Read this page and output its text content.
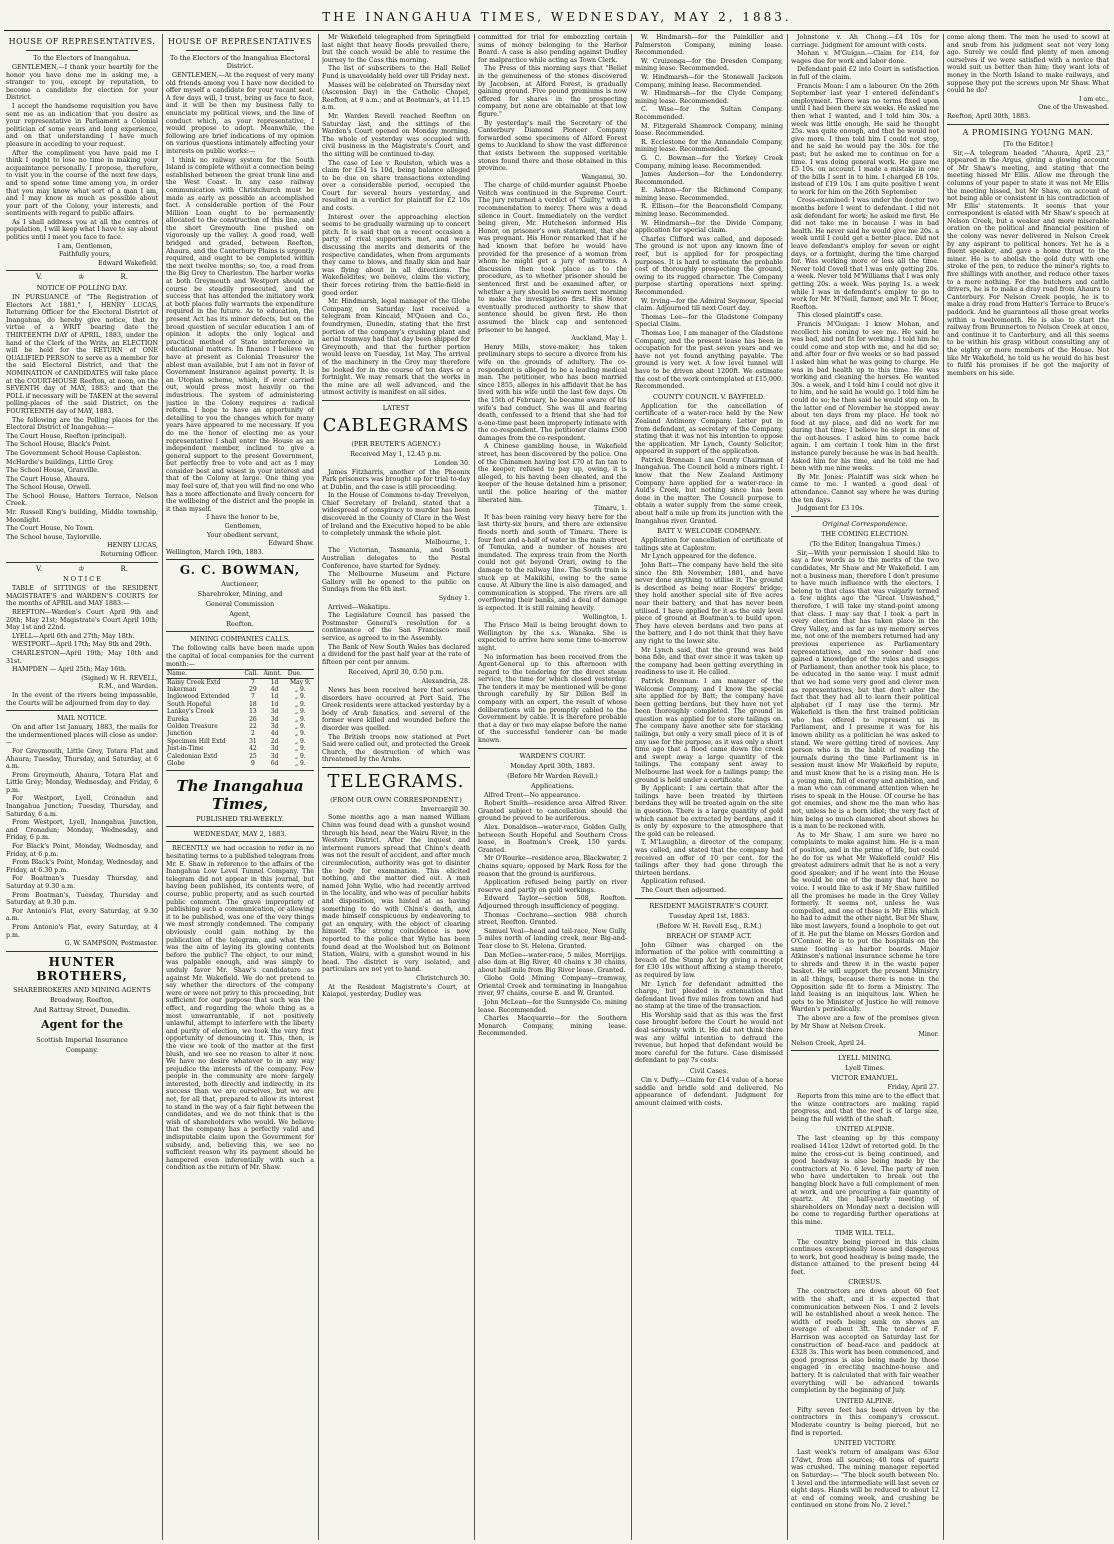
THE INANGAHUA TIMES, WEDNESDAY, MAY 2, 1883.
HOUSE OF REPRESENTATIVES.
To the Electors of Inangahua.

GENTLEMEN,—I thank your heartily for the honor you have done me in asking me, a stranger to you, except by reputation, to become a candidate for election for your District.

I accept the handsome requisition you have sent me as an indication that you desire as your representative in Parliament a Colonial politician of some years and long experience, and on that understanding I have much pleasure in acceding to your request.

After the compliment you have paid me I think I ought to lose no time in making your acquaintance personally. I propose, therefore, to visit you in the course of the next few days, and to spend some time among you, in order that you may know what sort of a man I am, and I may know as much as possible about your part of the Colony, your interests, and sentiments with regard to public affairs.

As I shall address you at all the centres of population, I will keep what I have to say about politics until I meet you face to face.

I am, Gentlemen,

Faithfully yours,

Edward Wakefield.

V.	♔	R.
NOTICE OF POLLING DAY.

IN PURSUANCE of "The Registration of Electors Act 1881," I, HENRY LUCAS, Returning Officer for the Electoral District of Inangahua, do hereby give notice, that by virtue of a WRIT bearing date the THIRTEENTH DAY of APRIL, 1883, under the hand of the Clerk of the Writs, an ELECTION will be held for the RETURN of ONE QUALIFIED PERSON to serve as a member for the said Electoral District, and that the NOMINATION of CANDIDATES will take place at the COURT-HOUSE Reefton, at noon, on the SEVENTH day of MAY, 1883; and that the POLL if necessary will be TAKEN at the several polling-places of the said District, on the FOURTEENTH day of MAY, 1883.

The following are the Polling places for the Electoral District of Inangahua:—

The Court House, Reefton (principal).

The School House, Black's Point.

The Government School House Capleston.

McHardie's buildings, Little Grey.

The School House, Granville.

The Court House, Ahaura.

The School House, Orwell.

The School House, Hatters Terrace, Nelson Creek.

Mr. Russell King's building, Middle township, Moonlight.

The Court House, No Town.

The School house, Taylorville.

HENRY LUCAS,

Returning Officer.

V.	♔	R.
N O T I C E

TABLE of SITTINGS of the RESIDENT MAGISTRATE'S and WARDEN'S COURTS for the months of APRIL and MAY 1883:—

REEFTON—Warden's Court April 9th and 20th; May 21st; Magistrate's Court April 10th; May 1st and 22nd.

LYELL—April 6th and 27th; May 18th.

WESTPORT—April 17th; May 8th and 29th.

CHARLESTON—April 19th; May 10th and 31st.

HAMPDEN — April 25th; May 16th.

(Signed) W. H. REVELL,

R.M., and Warden.

In the event of the rivers being impassable, the Courts will be adjourned from day to day.

MAIL NOTICE.

On and after 1st January, 1883, the mails for the undermentioned places will close as under:—

For Greymouth, Little Grey, Totara Flat and Ahaura; Tuesday, Thursday, and Saturday, at 6 a.m.

From Greymouth, Ahaura, Totara Flat and Little Grey; Monday, Wednesday, and Friday, 6 p.m.

For Westport, Lyell, Cronadun and Inangahua Junction; Tuesday, Thursday, and Saturday, 6 a.m.

From Westport, Lyell, Inangahua Junction, and Cronadun; Monday, Wednesday, and Friday, 6 p.m.

For Black's Point, Monday, Wednesday, and Friday, at 6 p.m.

From Black's Point, Monday, Wednesday, and Friday, at 6.30 p.m.

For Boatman's Tuesday Thursday, and Saturday at 9.30 a.m.

From Boatman's, Tuesday, Thursday and Saturday, at 9.30 p.m.

For Antonio's Flat, every Saturday, at 9.30 a.m.

From Antonio's Flat, every Saturday, at 4 p.m.

G. W. SAMPSON, Postmaster.

HUNTER BROTHERS,
SHAREBROKERS AND MINING AGENTS
Broadway, Reefton,
And Rattray Street, Dunedin.
Agent for the
Scottish Imperial Insurance
Company.
HOUSE OF REPRESENTATIVES
To the Electors of the Inangahua Electoral District.

GENTLEMEN,—At the request of very many old friends among you I have now decided to offer myself a candidate for your vacant seat. A few days will, I trust, bring us face to face, and it will be then my business fully to enunciate my political views, and the line of conduct which, as your representative, I would propose to adopt. Meanwhile, the following are brief indications of my opinion on various questions intimately affecting your interests on public works:—

I think no railway system for the South Island is complete without a connection being established between the great trunk line and the West Coast. In any case railway communication with Christchurch must be made as early as possible an accomplished fact. A considerable portion of the Four Million Loan ought to be permanently allocated to the construction of this line, and the short Greymouth line pushed on vigorously up the valley. A good road, well bridged and graded, between Reefton, Ahaura, and the Canterbury Plains is urgently required, and ought to be completed within the next twelve months; so, too, a road from the Big Grey to Charleston. The harbor works at both Greymouth and Westport should of course be steadily prosecuted, and the success that has attended the initiatory work at both places fully warrants the expenditure required in the future. As to education, the present Act has its minor defects, but on the broad question of secular education I am of opinion it adopts the only logical and practical method of State interference in educational matters. In finance I believe we have at present as Colonial Treasurer the ablest man available, but I am not in favor of Government Insurance against poverty. It is an Utopian scheme, which, if ever carried out, would press most heavily on the industrious. The system of administering justice in the Colony requires a radical reform. I hope to have an opportunity of detailing to you the changes which for many years have appeared to me necessary. If you do me the honor of electing me as your representative I shall enter the House as an independent member, inclined to give a general support to the present Government, but perfectly free to vote and act as I may consider best and wisest in your interest and that of the Colony at large. One thing you may feel sure of, that you will find no one who has a more affectionate and lively concern for the wellbeing of the district and the people in it than myself.

I have the honor to be,

Gentlemen,

Your obedient servant,

Edward Shaw.

Wellington, March 19th, 1883.

G. C. BOWMAN,
Auctioneer,
Sharebroker, Mining, and
General Commission
Agent,
Reefton.
MINING COMPANIES CALLS.

The following calls have been made upon the capital of local companies for the current month:—

Name.	Call.	Amnt.	Due.
Rainy Creek Extd	7	1d	May 9.
Inkerman	29	4d	„ 9.
Inglewood Extended	7	1d	„ 9.
South Hopeful	18	1d	„ 9.
Lankey's Creek	13	3d	„ 9.
Eureka	26	3d	„ 9.
Golden Treasure	22	3d	„ 9.
Junction	2	4d	„ 9.
Specimen Hill Extd	31	2d	„ 9.
Just-in-Time	42	3d	„ 9.
Caledonian Extd	25	3d	„ 9.
Globe	9	6d	„ 9.
The Inangahua Times,
PUBLISHED TRI-WEEKLY.
WEDNESDAY, MAY 2, 1883.

RECENTLY we had occasion to refer in no hesitating terms to a published telegram from Mr. E. Shaw in reference to the affairs of the Inangahua Low Level Tunnel Company. The telegram did not appear in this journal, but having been published, its contents were, of course, public property, and as such courted public comment. The grave impropriety of publishing such a communication, or allowing it to be published, was one of the very things we most strongly condemned. The company obviously could gain nothing by the publication of the telegram, and what then was the aim of laying its glowing contents before the public? The object, to our mind, was palpable enough, and was simply to unduly favor Mr. Shaw's candidature as against Mr. Wakefield. We do not pretend to say whether the directors of the company were or were not privy to this proceeding, but sufficient for our purpose that such was the effect, and regarding the whole thing as a most unwarrantable, if not positively unlawful, attempt to interfere with the liberty and purity of election, we took the very first opportunity of denouncing it. This, then, is the view we took of the matter at the first blush, and we see no reason to alter it now. We have no desire whatever to in any way prejudice the interests of the company. Few people in the community are more largely interested, both directly and indirectly, in its success than we are ourselves, but we are not, for all that, prepared to allow its interest to stand in the way of a fair fight between the candidates, and we do not think that is the wish of shareholders who would. We believe that the company has a perfectly valid and indisputable claim upon the Government for subsidy, and, believing this, we see no sufficient reason why its payment should be hampered even inferentially with such a condition as the return of Mr. Shaw.

Mr Wakefield telegraphed from Springfield last night that heavy floods prevailed there, but the coach would be able to resume the journey to the Cass this morning.

The list of subscribers to the Hall Relief Fund is unavoidably held over till Friday next.

Masses will be celebrated on Thursday next (Ascension Day) in the Catholic Chapel, Reefton, at 9 a.m.; and at Boatman's, at 11.15 a.m.

Mr. Warden Revell reached Reefton on Saturday last, and the sittings of the Warden's Court opened on Monday morning. The whole of yesterday was occupied with civil business in the Magistrate's Court, and the sitting will be continued to-day.

The case of Lee v. Roulston, which was a claim for £34 1s 10d, being balance alleged to be due on share transactions extending over a considerable period, occupied the Court for several hours yesterday, and resulted in a verdict for plaintiff for £2 10s and costs.

Interest over the approaching election seems to be gradually warming up to concert pitch. It is said that on a recent occasion a party of rival supporters met, and were discussing the merits and demerits of the respective candidates, when from arguments they came to blows, and finally skin and hair was flying about in all directions. The Wakefieldites, we believe, claim the victory, their forces retiring from the battle-field in good order.

Mr. Hindmarsh, legal manager of the Globe Company, on Saturday last received a telegram from Kincaid, M'Queen and Co., foundrymen, Dunedin, stating that the first portion of the company's crushing plant and aerial tramway had that day been shipped for Greymouth, and that the further portion would leave on Tuesday, 1st May. The arrival of the machinery in the Grey may therefore be looked for in the course of ten days or a fortnight. We may remark that the works in the mine are all well advanced, and the utmost activity is manifest on all sides.

LATEST
CABLEGRAMS
(PER REUTER'S AGENCY.)
Received May 1, 12.45 p.m.

London 30.

James Fitzharris, another of the Pheonix Park prisoners was brought up for trial to-day at Dublin, and the case is still proceeding.

In the House of Commons to-day Trevelyon, Chief Secretary of Ireland, stated that a widespread of conspiracy to murder has been discovered in the County of Clare in the West of Ireland and the Executive hoped to be able to completely unmask the whole plot.

Melbourne, 1.

The Victorian, Tasmania, and South Australian delegates to the Postal Conference, have started for Sydney.

The Melbourne Museum and Picture Gallery will be opened to the public on Sundays from the 6th inst.

Sydney 1.

Arrived—Wakatipu.

The Legislature Council has passed the Postmaster General's resolution for a continuance of the San Francisco mail service, as agreed to in the Assembly.

The Bank of New South Wales has declared a dividend for the past half year at the rate of fifteen per cent per annum.

Received, April 30, 0.50 p.m.

Alexandria, 28.

News has been received here that serious disorders have occurred at Port Said. The Greek residents were attacked yesterday by a body of Arab fanatics, and several of the former were killed and wounded before the disorder was quelled.

The British troops now stationed at Port Said were called out, and protected the Greek Church, the destruction of which was threatened by the Arabs.

TELEGRAMS.
(FROM OUR OWN CORRESPONDENT.)

Invercargill 30.

Some months ago a man named William Chinn was found dead with a gunshot wound through his head, near the Wairu River, in the Western District. After the inquest and interment rumors spread that Chinn's death was not the result of accident, and after much circumlocution, authority was got to disinter the body for examination. This elicited nothing, and the matter died out. A man named John Wylie, who had recently arrived in the locality, and who was of peculiar habits and disposition, was hinted at as having something to do with Chinn's death, and made himself conspicuous by endeavoring to get an enquiry, with the object of clearing himself. The strong coincidence is now reported to the police that Wylie has been found dead at the Woolshed hut on Belmont Station, Wairu, with a gunshot wound in his head. The district is very isolated, and particulars are not yet to hand.

Christchurch 30.

At the Resident Magistrate's Court, at Kaiapoi, yesterday, Dudley was

committed for trial for embezzling certain sums of money belonging to the Harbor Board. A case is also pending against Dudley for malpractice while acting as Town Clerk.

The Press of this morning says that "Belief in the genuineness of the stones discovered by Jacobsen, at Alford Forest, is gradually gaining ground. Five pound premiums is now offered for shares in the prospecting company, but none are obtainable at that low figure."

By yesterday's mail the Secretary of the Canterbury Diamond Pioneer Company forwarded some specimens of Alford Forest gems to Auckland to show the vast difference that exists between the supposed veritable stones found there and those obtained in this province.

Wanganui, 30.

The charge of child-murder against Phoebe Veitch was continued in the Supreme Court. The jury returned a verdict of "Guilty," with a recommendation to mercy. There was a dead silence in Court. Immediately on the verdict being given, Mr. Hutcheson informed His Honor, on prisoner's own statement, that she was pregnant. His Honor remarked that if he had known that before he would have provided for the presence of a woman from whom he might get a jury of matrons. A discussion then took place as to the procedure, as to whether prisoner should be sentenced first and be examined after, or whether a jury should be sworn next morning to make the investigation first. His Honor eventually produced authority to show that sentence should be given first. He then assumed the black cap and sentenced prisoner to be hanged.

Auckland, May 1.

Henry Mills, stove-maker, has taken preliminary steps to secure a divorce from his wife on the grounds of adultery. The co-respondent is alleged to be a leading medical man. The petitioner, who has been married since 1855, alleges in his affidavit that he has lived with his wife until the last few days. On the 15th of February, he became aware of his wife's bad conduct. She was ill and fearing death, confessed to a friend that she had for a-one-time past been improperly intimate with the co-respondent. The petitioner claims £500 damages from the co-respondent.

A Chinese gambling house, in Wakefield street, has been discovered by the police. One of the Chinamen having lost £70 at fan tan to the keeper, refused to pay up, owing, it is alleged, to his having been cheated, and the keeper of the house detained him a prisoner, until the police hearing of the matter liberated him.

Timaru, 1.

It has been raining very heavy here for the last thirty-six hours, and there are extensive floods north and south of Timaru. There is four feet and a-half of water in the main street of Temuka, and a number of houses are inundated. The express train from the North could not get beyond Orari, owing to the damage to the railway line. The South train is stuck up at Makikihi, owing to the same cause. At Albury the line is also damaged, and communication is stopped. The rivers are all overflowing their banks, and a deal of damage is expected. It is still raining heavily.

Wellington, 1.

The Frisco Mail is being brought down to Wellington by the s.s. Wanaka. She is expected to arrive here some time to-morrow night.

No information has been received from the Agent-General up to this afternoon with regard to the tendering for the direct steam service, the time for which closed yesterday. The tenders it may be mentioned will be gone through carefully by Sir Dillon Bell in company with an expert, the result of whose deliberations will be promptly cabled to the Government by cable. It is therefore probable that a day or two may elapse before the name of the successful tenderer can be made known.

WARDEN'S COURT.
Monday April 30th, 1883.
(Before Mr Warden Revell.)
Applications.

Alfred Trent—No appearance.

Robert Smith—residence area Alfred River. Granted subject to cancellation should the ground be proved to be auriferous.

Alex. Donaldson—water-race, Golden Gully, between South Hopeful and Southern Cross lease, in Boatman's Creek, 150 yards. Granted.

Mr O'Rourke—residence area, Blackwater, 2 chains square, opposed by Mark Ross for the reason that the ground is auriferous.

Application refused being partly on river reserve and partly on gold workings.

Edward Taylor—section 508, Reefton. Adjourned through insufficiency of pegging.

Thomas Cochrane—section 988 church street, Reefton. Granted.

Samuel Veal—head and tail-race, New Gully, 5 miles north of landing creek, near Big-and-Tear close to St. Helena. Granted.

Dan McGee—water-race, 5 miles, Merrijigs. also dam at Big River, 40 chains x 30 chains, about half-mile from Big River lease. Granted.

Globe Gold Mining Company—tramway, Oriental Creek and terminating in Inangahua river, 97 chains, course E. and W. Granted.

John McLean—for the Sunnyside Co. mining lease. Recommended.

Charles Macquarrie—for the Southern Monarch Company, mining lease. Recommended.

W. Hindmarsh—for the Painkiller and Palmerston Company, mining lease. Recommended.

W. Cruizenga—for the Dresden Company, mining lease. Recommended.

W. Hindmarsh—for the Stonewall Jackson Company, mining lease. Recommended.

W. Hindmarsh—for the Clyde Company, mining lease. Recommended.

C. Wise—for the Sultan Company. Recommended.

M. Fitzgerald Shamrock Company, mining lease. Recommended.

R. Ecclestone for the Annandale Company, mining lease. Recommended.

G. C. Bowman—for the Yorkey Creek Company, mining lease. Recommended.

James Anderson—for the Londonderry. Recommended.

E. Ashton—for the Richmond Company, mining lease. Recommended.

R. Ellison—for the Beaconsfield Company, mining lease. Recommended.

W. Hindmarsh—for the Divide Company, application for special claim.

Charles Clifford was called, and deposed: The ground is not upon any known line of reef, but is applied for for prospecting purposes. It is hard to estimate the probable cost of thoroughly prospecting the ground, owing to its rugged character. The Company purpose starting operations next spring. Recommended.

W. Irving—for the Admiral Seymour, Special claim. Adjourned till next Court day.

Thomas Lee—for the Gladstone Company Special Claim.

Thomas Lee, I am manager of the Gladstone Company, and the present lease has been in occupation for the past seven years and we have not yet found anything payable. The ground is very wet. A low level tunnel will have to be driven about 1200ft. We estimate the cost of the work contemplated at £15,000. Recommended.

COUNTY COUNCIL V. BAYFIELD.

Application for the cancellation of certificate of a water-race held by the New Zealand Antimony Company. Letter put in from defendant, as secretary of the Company, stating that it was not his intention to oppose the application. Mr Lynch, County Solicitor, appeared in support of the application.

Patrick Brennan: I am County Chairman of Inangahua. The Council hold a miners right. I know that the New Zealand Antimony Company have applied for a water-race in Auld's Creek, but nothing since has been done in the matter. The Council purpose to obtain a water supply from the same creek, about half a mile up from its junction with the Inangahua river. Granted.

BATT V. WELCOME COMPANY.

Application for cancellation of certificate of tailings site at Capleston.

Mr Lynch appeared for the defence.

John Batt—The company have held the site since the 8th November, 1881, and have never done anything to utilise it. The ground is described as being near Rogers' bridge; they hold another special site of five acres near their battery, and that has never been utilised. I have applied for it as the only level piece of ground at Boatman's to build upon. They have eleven berdans and two pans at the battery, and I do not think that they have any right to the lower site.

Mr Lynch said, that the ground was held bona fide, and that ever since it was taken up the company had been getting everything in readiness to use it. He called.

Patrick Brennan: I am manager of the Welcome Company, and I know the special site applied for by Batt; the company have been getting berdans, but they have not yet been thoroughly completed. The ground in question was applied for to store tailings on. The company have another site for stacking tailings, but only a very small piece of it is of any use for the purpose, as it was only a short time ago that a flood came down the creek and swept away a large quantity of the tailings. The company sent away to Melbourne last week for a tailings pump; the ground is held under a certificate.

By Applicant: I am certain that after the tailings have been treated by thirteen berdans they will be treated again on the site in question. There is a large quantity of gold which cannot be extracted by berdans, and it is only by exposure to the atmosphere that the gold can be released.

T. M'Laughlin, a director of the company, was called, and stated that the company had received an offer of 10 per cent. for the tailings after they had gone through the thirteen berdans.

Application refused.

The Court then adjourned.

RESIDENT MAGISTRATE'S COURT.
Tuesday April 1st, 1883.
(Before W. H. Revell Esq., R.M.)
BREACH OF STAMP ACT.

John Gilmer was charged on the information of the police with committing a breach of the Stamp Act by giving a receipt for £30 10s without affixing a stamp thereto, as required by law.

Mr Lynch for defendant admitted the charge, but pleaded in extenuation that defendant lived five miles from town and had no stamp at the time of the transaction.

His Worship said that as this was the first case brought before the Court he would not deal seriously with it. He did not think there was any wilful intention to defraud the revenue, but hoped that defendant would be more careful for the future. Case dismissed defendant to pay 7s costs.

Civil Cases.

Cin v. Duffy.—Claim for £14 value of a horse saddle and bridle sold and delivered. No appearance of defendant. Judgment for amount claimed with costs.

Johnstone v. Ah Chong.—£4 10s for carriage. Judgment for amount with costs.

Mohan v. M'Guigan.—Claim for £14, for wages due for work and labor done.

Defendant paid £2 into Court in satisfaction in full of the claim.

Francis Moan: I am a labourer. On the 26th September last year I entered defendant's employment. There was no terms fixed upon until I had been there six weeks. He asked me then what I wanted, and I told him 30s. a week was little enough. He said he thought 25s. was quite enough, and that he would not give more. I then told him I could not stop, and he said he would pay the 30s. for the past; but he asked me to continue on for a time. I was doing general work. He gave me £5 10s. on account. I made a mistake in one of the bills I sent in to him. I charged £8 10s. instead of £19 10s. I am quite positive I went to work for him on the 26th September.

Cross-examined: I was under the doctor two months before I went to defendant. I did not ask defendant for work; he asked me first. He did not take me in because I was in bad health. He never said he would give me 20s. a week until I could get a better place. Did not leave defendant's employ for seven or eight days, or a fortnight, during the time charged for. Was working more or less all the time. Never told Covell that I was only getting 20s. a week. Never told M'Williams that I was only getting 20s. a week. Was paying 1s. a week while I was in defendant's employ to go to work for Mr. M'Neill, farmer, and Mr. T. Moor, Reefton.

This closed plaintiff's case.

Francis M'Guigan: I know Mohan, and recollect his coming to see me. He said he was bad, and not fit for working. I told him he could come and stop with me, and he did so; and after four or five weeks or so had passed I asked him what he was going to charge. He was in bad health up to this time. He was working and cleaning the horses. He wanted 30s. a week, and I told him I could not give it to him, and he said he would go. I told him he could do so; he then said he would stop on. In the latter end of November he stopped away about ten days from my place. He took no food at my place, and did no work for me during that time; I believe he slept in one of the out-houses. I asked him to come back again. I am certain I took him in the first instance purely because he was in bad health. Asked him for his time, and he told me had been with me nine weeks.

By Mr. Jones: Plaintiff was sick when he came to me. I wanted a good deal of attendance. Cannot say where he was during the ten days.

Judgment for £3 10s.

Original Correspondence.
THE COMING ELECTION.
(To the Editor, Inangahua Times.)

Sir,—With your permission I should like to say a few words as to the merits of the two candidates, Mr Shaw and Mr Wakefield. I am not a business man, therefore I don't presume to have much influence with the electors. I belong to that class that was vulgarly termed a few nights ago the "Great Unwashed," therefore, I will take my stand-point among that class. I may say that I took a part in every election that has taken place in the Grey Valley, and as far as my memory serves me, not one of the members returned had any previous experience as Parliamentary representatives, and no sooner had one gained a knowledge of the rules and usages of Parliament, than another took his place, to be educated in the same way. I must admit that we had some very good and clever men as representatives, but that don't alter the fact that they had all to learn their political alphabet (if I may use the term). Mr Wakefield is then the first trained politician who has offered to represent us in Parliament, and I presume it was for his known ability as a politician he was asked to stand. We were getting tired of novices. Any person who is in the habit of reading the journals during the time Parliament is in session must know Mr Wakefield by repute, and must know that he is a rising man. He is a young man, full of energy and ambition, and a man who can command attention when he rises to speak in the House. Of course he has got enemies, and show me the man who has not, unless he is a born idiot; the very fact of him being so much clamored about shows he is a man to be reckoned with.

As to Mr Shaw, I am sure we have no complaints to make against him. He is a man of position, and in the prime of life, but could he do for us what Mr Wakefield could? His greatest admirers admit that he is not a very good speaker; and if he went into the House he would be one of the many that have no voice. I would like to ask if Mr Shaw fulfilled all the promises he made in the Grey Valley formerly. It seems not, unless he was compelled, and one of these is Mr Ellis which he had to admit the other night. But Mr Shaw, like most lawyers, found a loophole to get out of it. He put the blame on Messrs Gordon and O'Connor. He is to put the hospitals on the same footing as harbor boards. Major Atkinson's national insurance scheme he tore to shreds and threw it in the waste paper basket. He will support the present Ministry in all things, because there is none in the Opposition side fit to form a Ministry. The land leasing is an iniquitous law. When he gets to be Minister of Justice he will remove Warden's periodically.

The above are a few of the promises given by Mr Shaw at Nelson Creek.

Miner.

Nelson Creek, April 24.

LYELL MINING.
Lyell Times.
VICTOR EMANUEL.

Friday, April 27.

Reports from this mine are to the effect that the winze contractors are making rapid progress, and that the reef is of large size, being the full width of the shaft.

UNITED ALPINE.

The last cleaning up by this company realised 141oz 12dwt of retorted gold. In the mine the cross-cut is being continued, and good headway is also being made by the contractors at No. 6 level. The party of men who have undertaken to break out the hanging block have a full complement of men at work, and are procuring a fair quantity of quartz. At the half-yearly meeting of shareholders on Monday next a decision will be come to regarding further operations at this mine.

TIME WILL TELL.

The country being pierced in this claim continues exceptionally loose and dangerous to work, but good headway is being made, the distance attained to the present being 44 feet.

CRŒSUS.

The contractors are down about 60 feet with the shaft, and it is expected that communication between Nos. 1 and 2 levels will be established about a week hence. The width of reefs being sunk on shows an average of about 3ft. The tender of F. Harrison was accepted on Saturday last for construction of head-race and paddock at £328 3s. This work has been commenced, and good progress is also being made by those engaged in erecting machine-house and battery. It is calculated that with fair weather everything will be advanced towards completion by the beginning of July.

UNITED ALPINE.

Fifty seven feet has been driven by the contractors in this company's crosscut. Moderate country is being pierced, but no find is reported.

UNITED VICTORY.

Last week's return of amalgam was 63oz 17dwt, from all sources; 40 tons of quartz was crushed. The mining manager reported on Saturday:— "The block south between No. 1 level and the intermediate will last seven or eight days. Hands will be reduced to about 12 at end of coming week, and crushing be continued on stone from No. 2 level."

come along them. The men he used to scowl at and snub from his judgment seat not very long ago. Surely we could find plenty of men among ourselves if we were satisfied with a novice that would suit us better than him; they want lots of money in the North Island to make railways, and suppose they put the screws upon Mr Shaw. What could he do?

I am etc.,

One of the Unwashed.

Reefton, April 30th, 1883.

A PROMISING YOUNG MAN.
[To the Editor.]

Sir,—A telegram headed "Ahaura, April 23," appeared in the Argus, giving a glowing account of Mr Shaw's meeting, and stating that the meeting hissed Mr Ellis. Allow me through the columns of your paper to state it was not Mr Ellis the meeting hissed, but Mr Shaw, on account of not being able or consistent in his contradiction of Mr Ellis' statements. It seems that your correspondent is elated with Mr Shaw's speech at Nelson Creek, but a weaker and more miserable oration on the political and financial position of the colony was never delivered in Nelson Creek by any aspirant to political honors. Yet he is a fluent speaker, and gave a home thrust to the miner. He is to abolish the gold duty with one stroke of the pen, to reduce the miner's rights to five shillings with another, and reduce other taxes to a mere nothing. For the butchers and cattle drivers, he is to make a dray road from Ahaura to Canterbury. For Nelson Creek people, he is to make a dray road from Hatter's Terrace to Bruce's paddock. And he guarantees all those great works within a twelvemonth. He is also to start the railway from Brunnerton to Nelson Creek at once, and continue it to Canterbury, and all this seems to be within his grasp without consulting any of the eighty or more members of the House. Not like Mr Wakefield, he told us he would do his best to fulfil his promises if he got the majority of members on his side.
